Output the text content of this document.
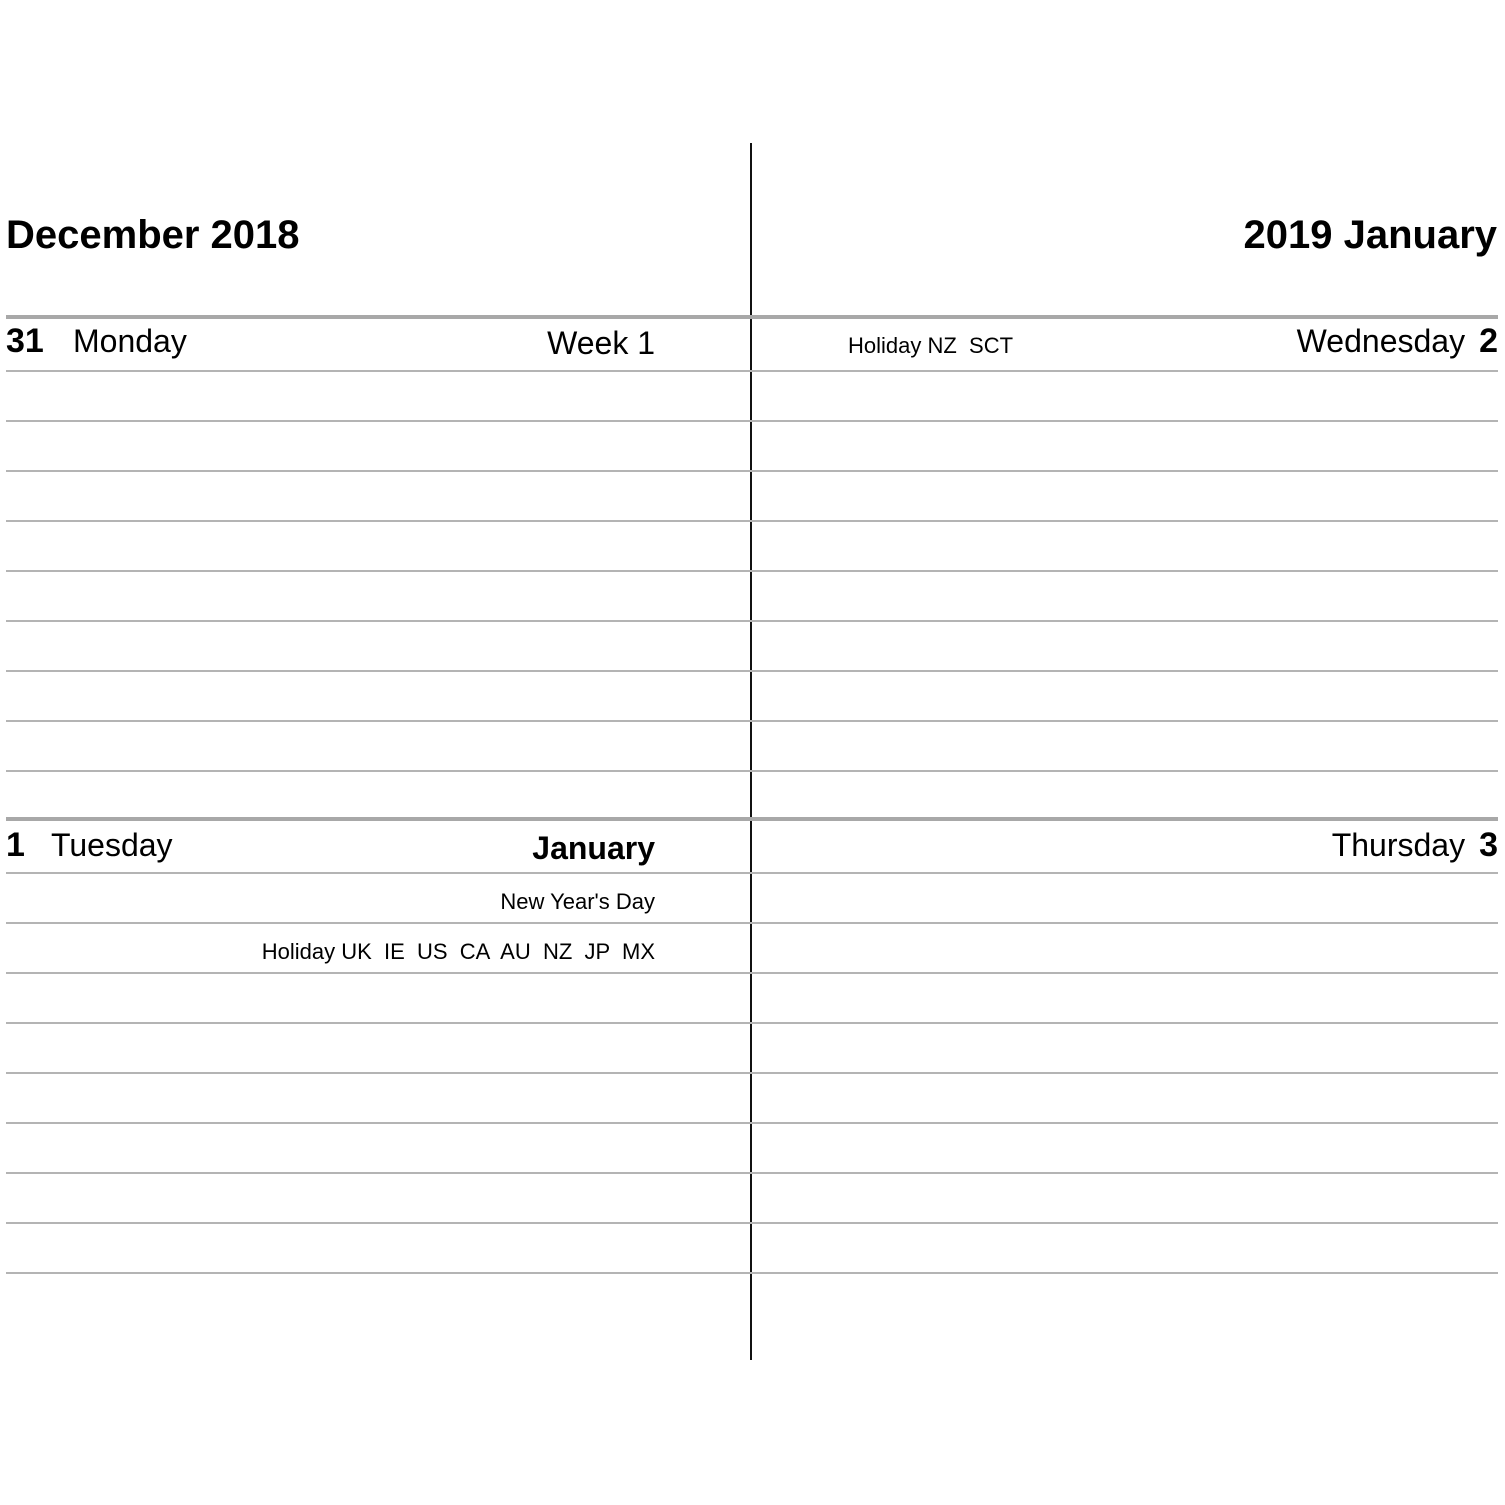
December 2018	2019 January
31 Monday	Week 1
1 Tuesday	January
New Year's Day
Holiday UK  IE  US  CA  AU  NZ  JP  MX
Holiday NZ  SCT	Wednesday 2
Thursday 3
